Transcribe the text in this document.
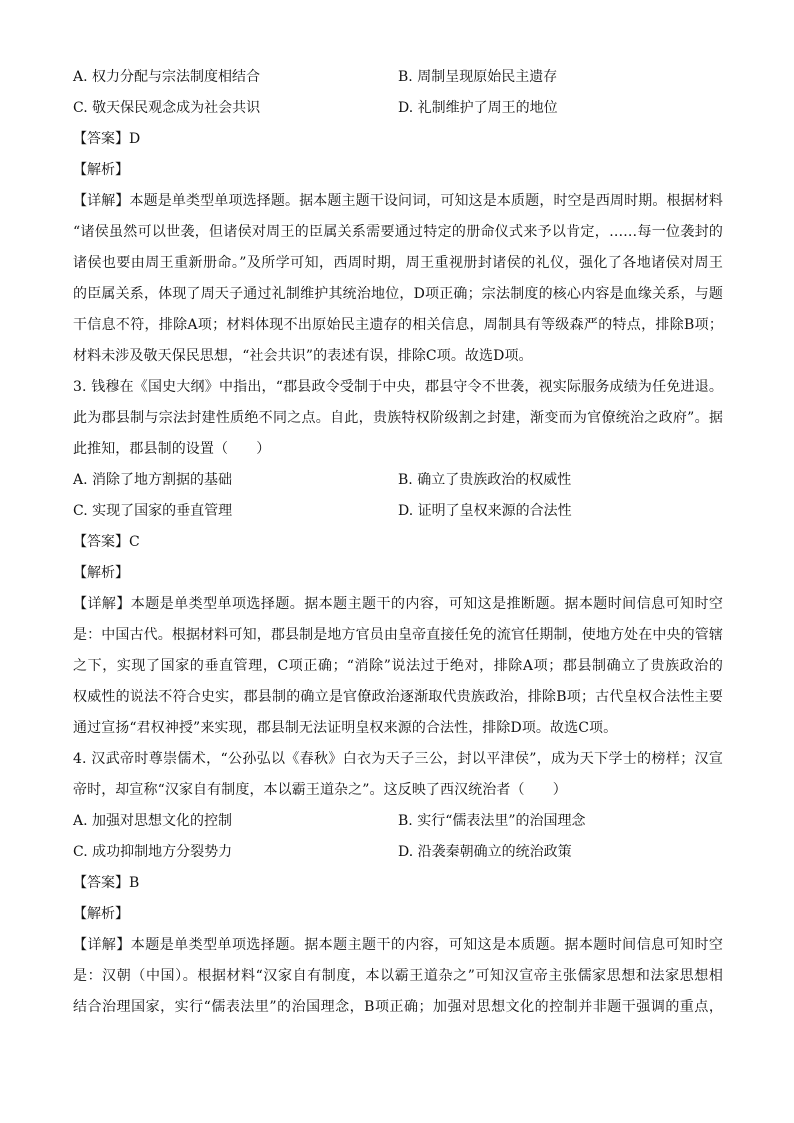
A. 权力分配与宗法制度相结合	B. 周制呈现原始民主遗存
C. 敬天保民观念成为社会共识	D. 礼制维护了周王的地位
【答案】D
【解析】
【详解】本题是单类型单项选择题。据本题主题干设问词，可知这是本质题，时空是西周时期。根据材料
“诸侯虽然可以世袭，但诸侯对周王的臣属关系需要通过特定的册命仪式来予以肯定，……每一位袭封的
诸侯也要由周王重新册命。”及所学可知，西周时期，周王重视册封诸侯的礼仪，强化了各地诸侯对周王
的臣属关系，体现了周天子通过礼制维护其统治地位，D项正确；宗法制度的核心内容是血缘关系，与题
干信息不符，排除A项；材料体现不出原始民主遗存的相关信息，周制具有等级森严的特点，排除B项；
材料未涉及敬天保民思想，“社会共识”的表述有误，排除C项。故选D项。
3. 钱穆在《国史大纲》中指出，“郡县政令受制于中央，郡县守令不世袭，视实际服务成绩为任免进退。
此为郡县制与宗法封建性质绝不同之点。自此，贵族特权阶级割之封建，渐变而为官僚统治之政府”。据
此推知，郡县制的设置（　　）
A. 消除了地方割据的基础	B. 确立了贵族政治的权威性
C. 实现了国家的垂直管理	D. 证明了皇权来源的合法性
【答案】C
【解析】
【详解】本题是单类型单项选择题。据本题主题干的内容，可知这是推断题。据本题时间信息可知时空
是：中国古代。根据材料可知，郡县制是地方官员由皇帝直接任免的流官任期制，使地方处在中央的管辖
之下，实现了国家的垂直管理，C项正确；“消除”说法过于绝对，排除A项；郡县制确立了贵族政治的
权威性的说法不符合史实，郡县制的确立是官僚政治逐渐取代贵族政治，排除B项；古代皇权合法性主要
通过宣扬“君权神授”来实现，郡县制无法证明皇权来源的合法性，排除D项。故选C项。
4. 汉武帝时尊崇儒术，“公孙弘以《春秋》白衣为天子三公，封以平津侯”，成为天下学士的榜样；汉宣
帝时，却宣称“汉家自有制度，本以霸王道杂之”。这反映了西汉统治者（　　）
A. 加强对思想文化的控制	B. 实行“儒表法里”的治国理念
C. 成功抑制地方分裂势力	D. 沿袭秦朝确立的统治政策
【答案】B
【解析】
【详解】本题是单类型单项选择题。据本题主题干的内容，可知这是本质题。据本题时间信息可知时空
是：汉朝（中国）。根据材料“汉家自有制度，本以霸王道杂之”可知汉宣帝主张儒家思想和法家思想相
结合治理国家，实行“儒表法里”的治国理念，B项正确；加强对思想文化的控制并非题干强调的重点，
